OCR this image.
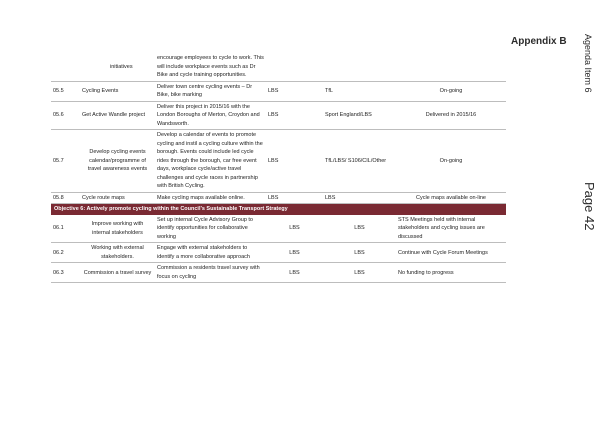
Appendix B Agenda Item 6
Page 42
	initiatives	encourage employees to cycle to work. This will include workplace events such as Dr Bike and cycle training opportunities.			
05.5	Cycling Events	Deliver town centre cycling events – Dr Bike, bike marking	LBS	TfL	On-going
05.6	Get Active Wandle project	Deliver this project in 2015/16 with the London Boroughs of Merton, Croydon and Wandsworth.	LBS	Sport England/LBS	Delivered in 2015/16
05.7	Develop cycling events calendar/programme of travel awareness events	Develop a calendar of events to promote cycling and instil a cycling culture within the borough. Events could include led cycle rides through the borough, car free event days, workplace cycle/active travel challenges and cycle races in partnership with British Cycling.	LBS	TfL/LBS/ S106/CIL/Other	On-going
05.8	Cycle route maps	Make cycling maps available online.	LBS	LBS	Cycle maps available on-line
Objective 6: Actively promote cycling within the Council’s Sustainable Transport Strategy					
06.1	Improve working with internal stakeholders	Set up internal Cycle Advisory Group to identify opportunities for collaborative working	LBS	LBS	STS Meetings held with internal stakeholders and cycling issues are discussed
06.2	Working with external stakeholders.	Engage with external stakeholders to identify a more collaborative approach	LBS	LBS	Continue with Cycle Forum Meetings
06.3	Commission a travel survey	Commission a residents travel survey with focus on cycling	LBS	LBS	No funding to progress
